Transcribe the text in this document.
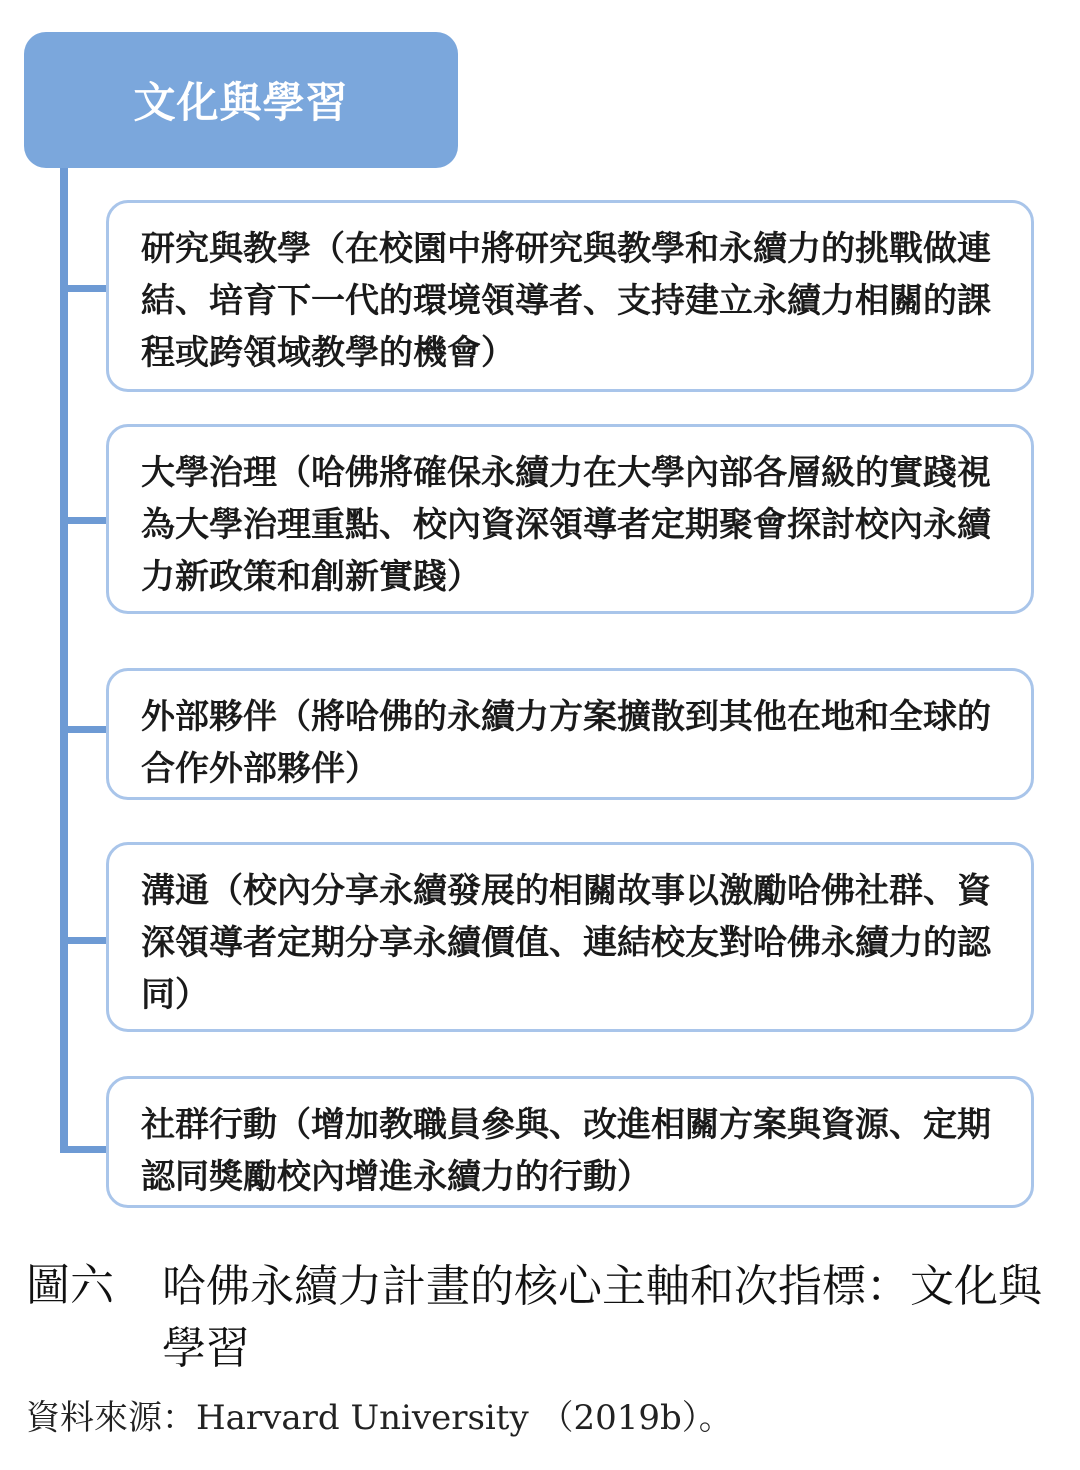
文化與學習
研究與教學（在校園中將研究與教學和永續力的挑戰做連結、培育下一代的環境領導者、支持建立永續力相關的課程或跨領域教學的機會）
大學治理（哈佛將確保永續力在大學內部各層級的實踐視為大學治理重點、校內資深領導者定期聚會探討校內永續力新政策和創新實踐）
外部夥伴（將哈佛的永續力方案擴散到其他在地和全球的合作外部夥伴）
溝通（校內分享永續發展的相關故事以激勵哈佛社群、資深領導者定期分享永續價值、連結校友對哈佛永續力的認同）
社群行動（增加教職員參與、改進相關方案與資源、定期認同獎勵校內增進永續力的行動）
圖六 哈佛永續力計畫的核心主軸和次指標：文化與學習
資料來源：Harvard University （2019b）。
